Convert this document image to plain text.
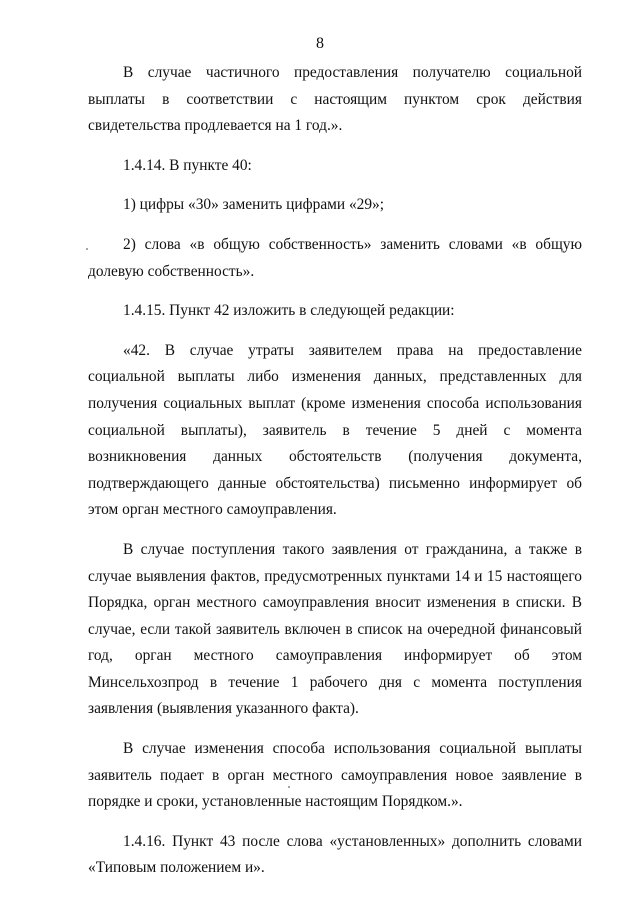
8

В случае частичного предоставления получателю социальной выплаты в соответствии с настоящим пунктом срок действия свидетельства продлевается на 1 год.».

1.4.14. В пункте 40:

1) цифры «30» заменить цифрами «29»;

2) слова «в общую собственность» заменить словами «в общую долевую собственность».

1.4.15. Пункт 42 изложить в следующей редакции:

«42. В случае утраты заявителем права на предоставление социальной выплаты либо изменения данных, представленных для получения социальных выплат (кроме изменения способа использования социальной выплаты), заявитель в течение 5 дней с момента возникновения данных обстоятельств (получения документа, подтверждающего данные обстоятельства) письменно информирует об этом орган местного самоуправления.

В случае поступления такого заявления от гражданина, а также в случае выявления фактов, предусмотренных пунктами 14 и 15 настоящего Порядка, орган местного самоуправления вносит изменения в списки. В случае, если такой заявитель включен в список на очередной финансовый год, орган местного самоуправления информирует об этом Минсельхозпрод в течение 1 рабочего дня с момента поступления заявления (выявления указанного факта).

В случае изменения способа использования социальной выплаты заявитель подает в орган местного самоуправления новое заявление в порядке и сроки, установленные настоящим Порядком.».

1.4.16. Пункт 43 после слова «установленных» дополнить словами «Типовым положением и».
